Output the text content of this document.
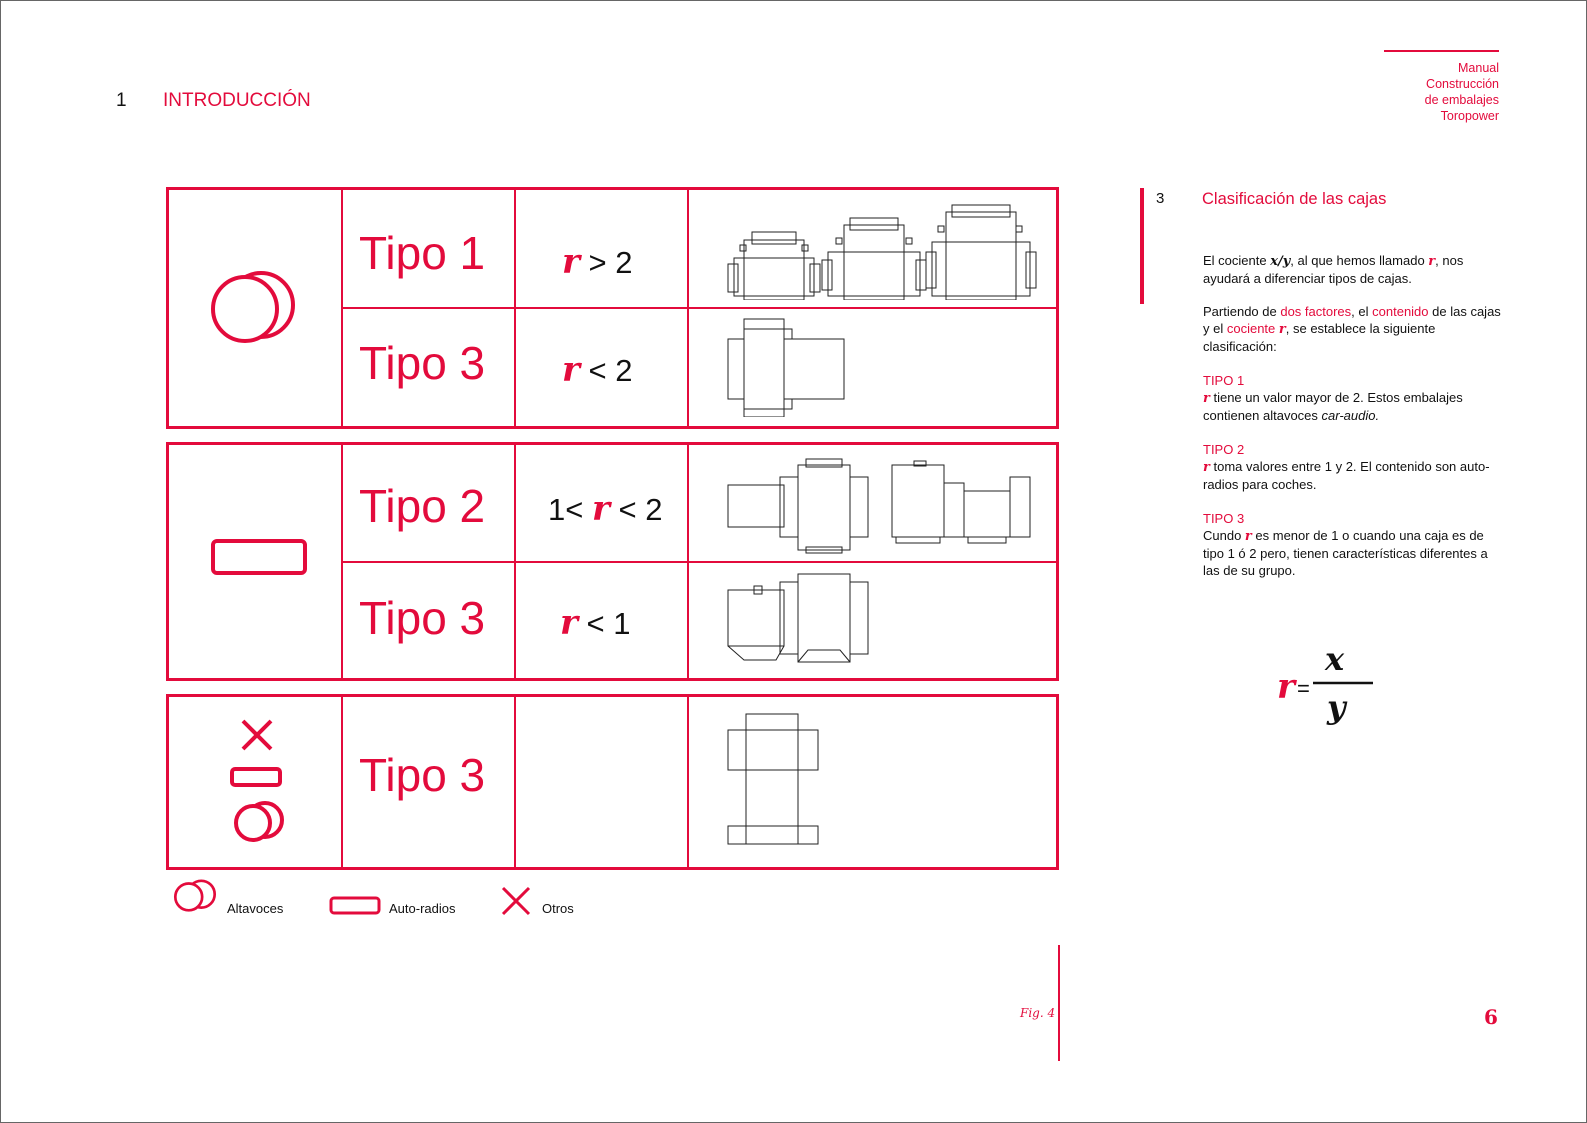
1 INTRODUCCIÓN
Manual
Construcción
de embalajes
Toropower
Tipo 1 r > 2
Tipo 3 r < 2
Tipo 2 1< r < 2
Tipo 3 r < 1
Tipo 3
Altavoces	Auto-radios	Otros
3 Clasificación de las cajas

El cociente x/y, al que hemos llamado r, nos ayudará a diferenciar tipos de cajas.

Partiendo de dos factores, el contenido de las cajas y el cociente r, se establece la siguiente clasificación:

TIPO 1

r tiene un valor mayor de 2. Estos embalajes contienen altavoces car-audio.

TIPO 2

r toma valores entre 1 y 2. El contenido son auto-radios para coches.

TIPO 3

Cundo r es menor de 1 o cuando una caja es de tipo 1 ó 2 pero, tienen características diferentes a las de su grupo.

r =
x
y
Fig. 4	6
